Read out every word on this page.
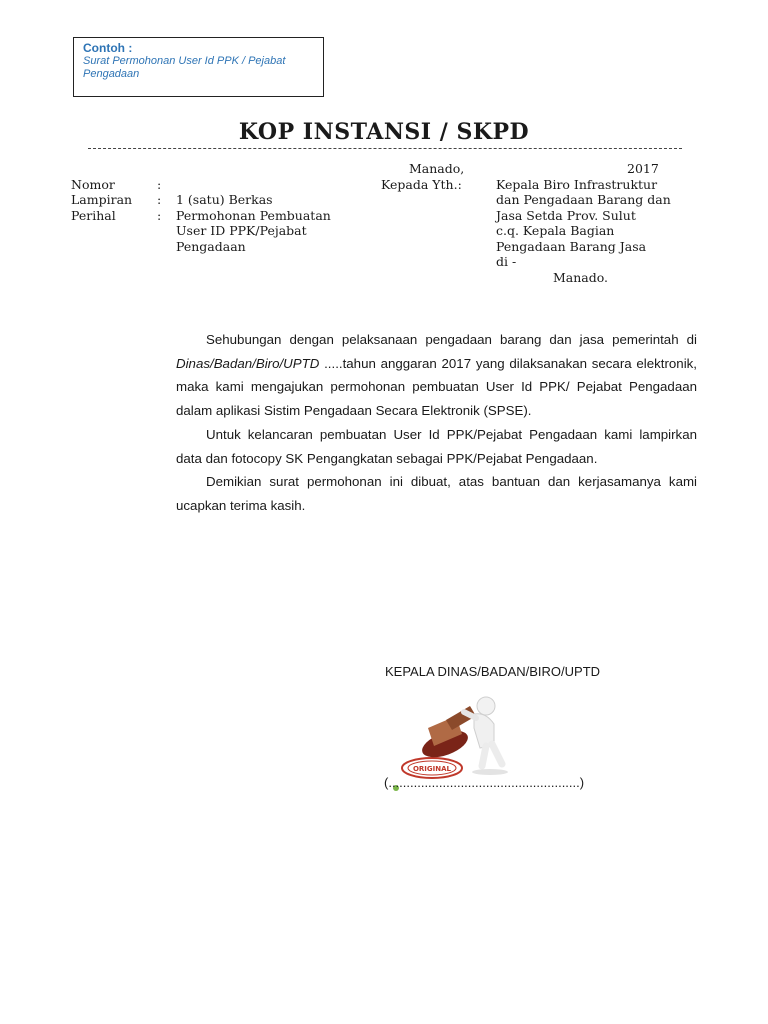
Contoh :
Surat Permohonan User Id PPK / Pejabat
Pengadaan
KOP INSTANSI / SKPD
Manado,	2017
Nomor
Lampiran
Perihal
:
:
:
1 (satu) Berkas
Permohonan Pembuatan
User ID PPK/Pejabat
Pengadaan
Kepada Yth.:	Kepala Biro Infrastruktur
dan Pengadaan Barang dan
Jasa Setda Prov. Sulut
c.q. Kepala Bagian
Pengadaan Barang Jasa
di -
Manado.

Sehubungan dengan pelaksanaan pengadaan barang dan jasa pemerintah di Dinas/Badan/Biro/UPTD .....tahun anggaran 2017 yang dilaksanakan secara elektronik, maka kami mengajukan permohonan pembuatan User Id PPK/ Pejabat Pengadaan dalam aplikasi Sistim Pengadaan Secara Elektronik (SPSE).

Untuk kelancaran pembuatan User Id PPK/Pejabat Pengadaan kami lampirkan data dan fotocopy SK Pengangkatan sebagai PPK/Pejabat Pengadaan.

Demikian surat permohonan ini dibuat, atas bantuan dan kerjasamanya kami ucapkan terima kasih.

KEPALA DINAS/BADAN/BIRO/UPTD
ORIGINAL
(.....................................................)
